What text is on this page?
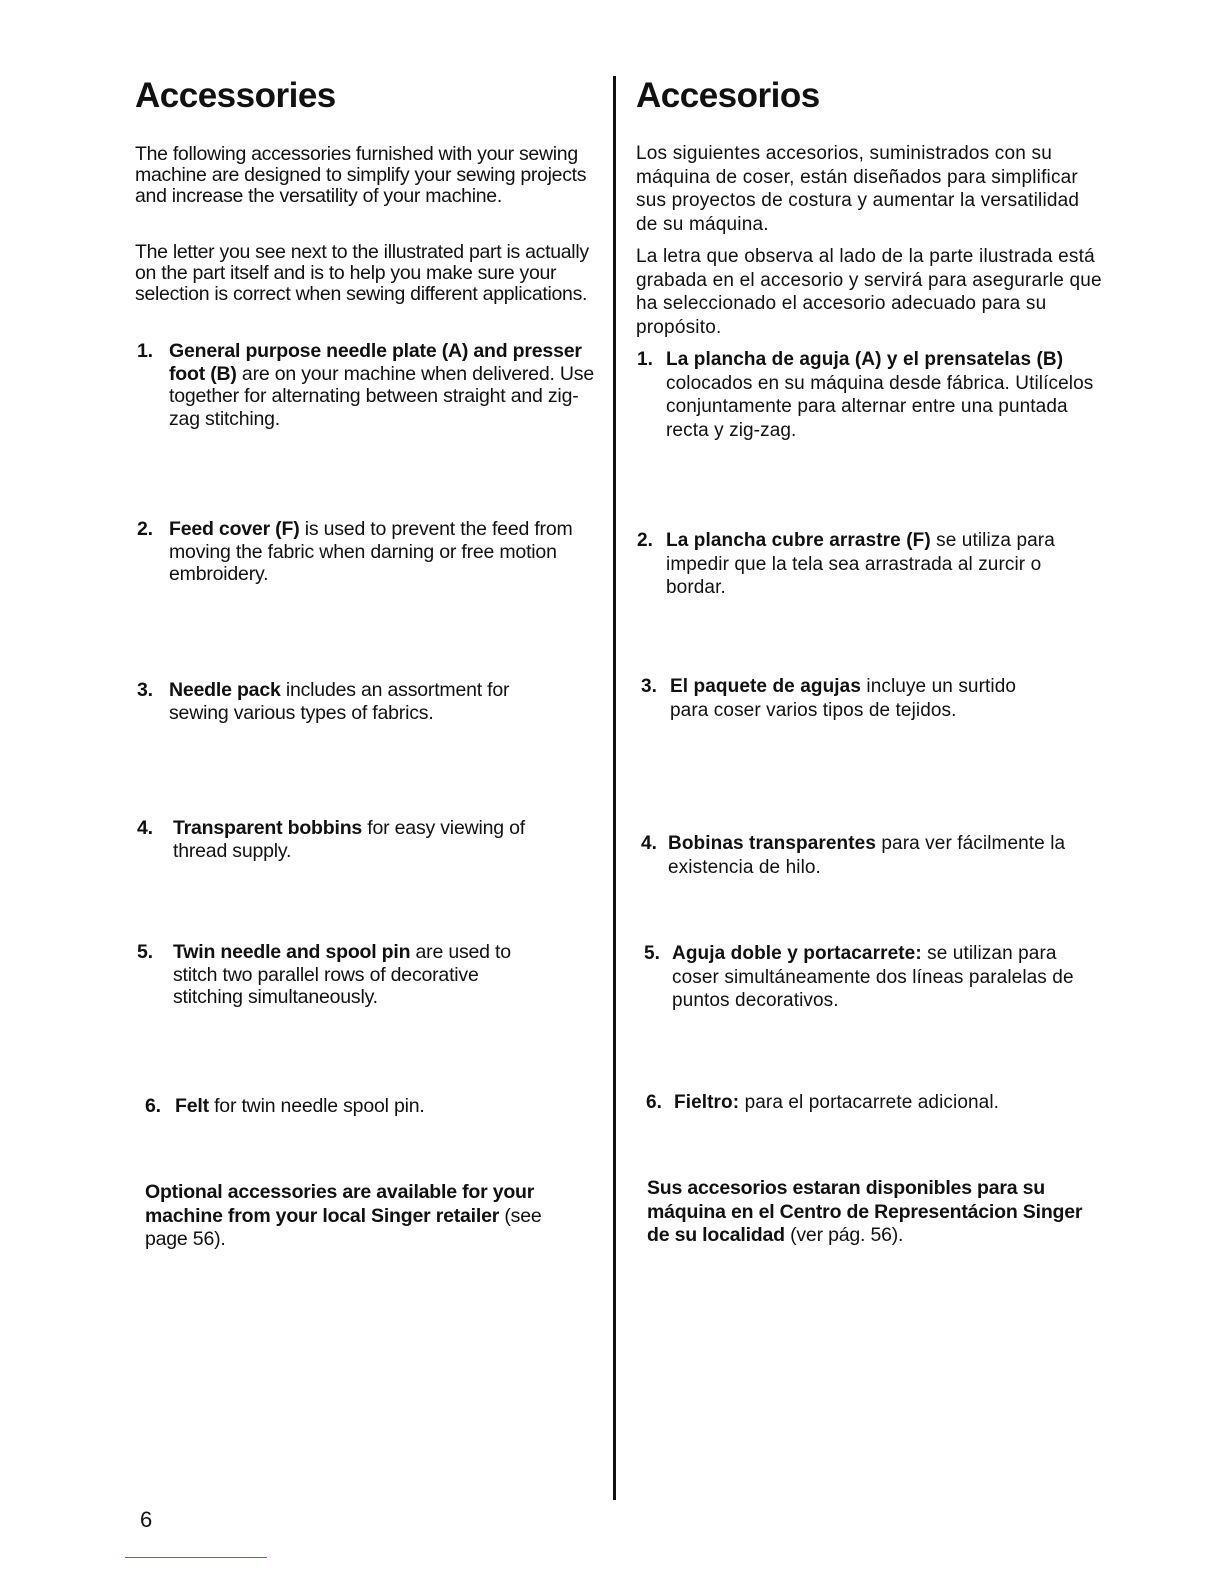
Accessories

The following accessories furnished with your sewing machine are designed to simplify your sewing projects and increase the versatility of your machine.

The letter you see next to the illustrated part is actually on the part itself and is to help you make sure your selection is correct when sewing different applications.

1. General purpose needle plate (A) and presser foot (B) are on your machine when delivered. Use together for alternating between straight and zig-zag stitching.

2. Feed cover (F) is used to prevent the feed from moving the fabric when darning or free motion embroidery.

3. Needle pack includes an assortment for sewing various types of fabrics.

4. Transparent bobbins for easy viewing of thread supply.

5. Twin needle and spool pin are used to stitch two parallel rows of decorative stitching simultaneously.

6. Felt for twin needle spool pin.

Optional accessories are available for your machine from your local Singer retailer (see page 56).

Accesorios

Los siguientes accesorios, suministrados con su máquina de coser, están diseñados para simplificar sus proyectos de costura y aumentar la versatilidad de su máquina.

La letra que observa al lado de la parte ilustrada está grabada en el accesorio y servirá para asegurarle que ha seleccionado el accesorio adecuado para su propósito.

1. La plancha de aguja (A) y el prensatelas (B) colocados en su máquina desde fábrica. Utilícelos conjuntamente para alternar entre una puntada recta y zig-zag.

2. La plancha cubre arrastre (F) se utiliza para impedir que la tela sea arrastrada al zurcir o bordar.

3. El paquete de agujas incluye un surtido para coser varios tipos de tejidos.

4. Bobinas transparentes para ver fácilmente la existencia de hilo.

5. Aguja doble y portacarrete: se utilizan para coser simultáneamente dos líneas paralelas de puntos decorativos.

6. Fieltro: para el portacarrete adicional.

Sus accesorios estaran disponibles para su máquina en el Centro de Representácion Singer de su localidad (ver pág. 56).

6
